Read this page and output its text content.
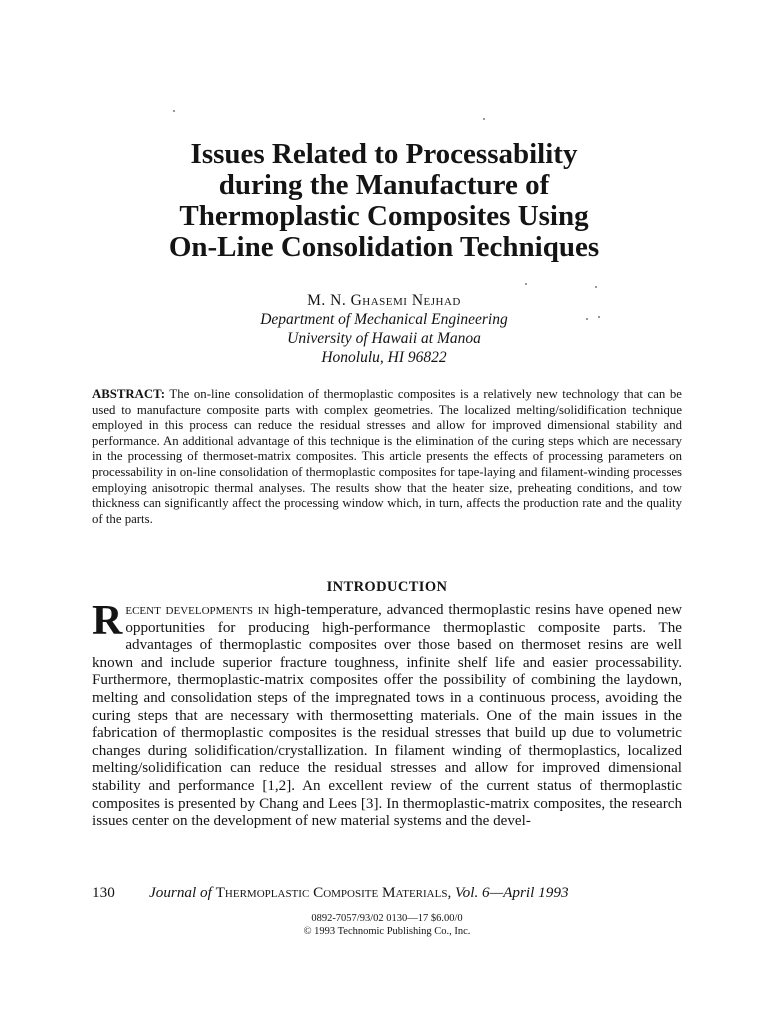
Issues Related to Processability
during the Manufacture of
Thermoplastic Composites Using
On-Line Consolidation Techniques
M. N. Ghasemi Nejhad
Department of Mechanical Engineering
University of Hawaii at Manoa
Honolulu, HI 96822

ABSTRACT: The on-line consolidation of thermoplastic composites is a relatively new technology that can be used to manufacture composite parts with complex geometries. The localized melting/solidification technique employed in this process can reduce the residual stresses and allow for improved dimensional stability and performance. An additional advantage of this technique is the elimination of the curing steps which are necessary in the processing of thermoset-matrix composites. This article presents the effects of processing parameters on processability in on-line consolidation of thermoplastic composites for tape-laying and filament-winding processes employing anisotropic thermal analyses. The results show that the heater size, preheating conditions, and tow thickness can significantly affect the processing window which, in turn, affects the production rate and the quality of the parts.

INTRODUCTION

Recent developments in high-temperature, advanced thermoplastic resins have opened new opportunities for producing high-performance thermoplastic composite parts. The advantages of thermoplastic composites over those based on thermoset resins are well known and include superior fracture toughness, infinite shelf life and easier processability. Furthermore, thermoplastic-matrix composites offer the possibility of combining the laydown, melting and consolidation steps of the impregnated tows in a continuous process, avoiding the curing steps that are necessary with thermosetting materials. One of the main issues in the fabrication of thermoplastic composites is the residual stresses that build up due to volumetric changes during solidification/crystallization. In filament winding of thermoplastics, localized melting/solidification can reduce the residual stresses and allow for improved dimensional stability and performance [1,2]. An excellent review of the current status of thermoplastic composites is presented by Chang and Lees [3]. In thermoplastic-matrix composites, the research issues center on the development of new material systems and the devel-

130 Journal of Thermoplastic Composite Materials, Vol. 6—April 1993
0892-7057/93/02 0130—17 $6.00/0
© 1993 Technomic Publishing Co., Inc.
